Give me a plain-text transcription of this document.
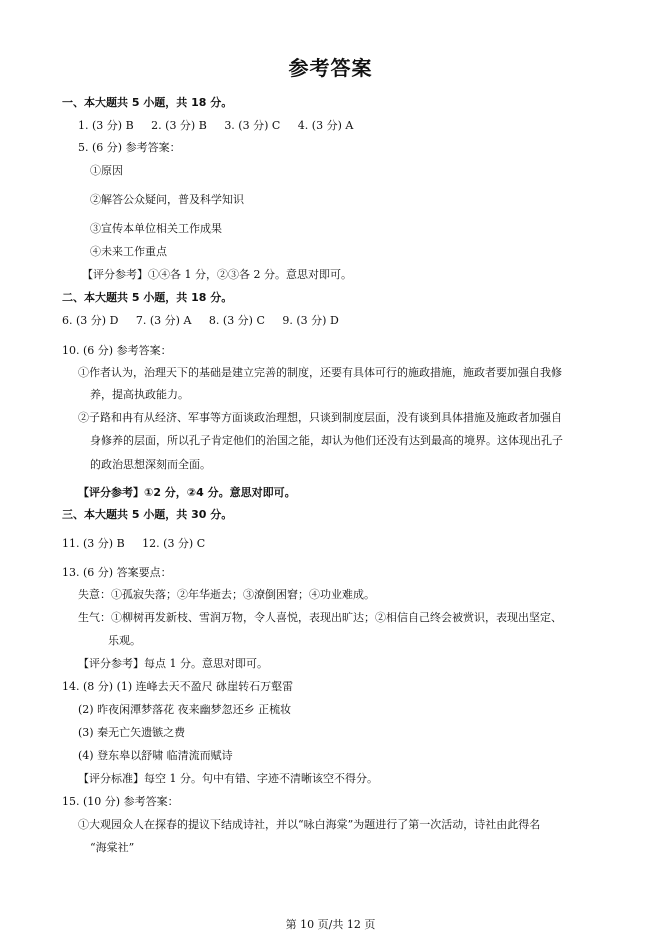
参考答案
一、本大题共 5 小题，共 18 分。
1. (3 分) B 2. (3 分) B 3. (3 分) C 4. (3 分) A
5. (6 分) 参考答案：
①原因
②解答公众疑问，普及科学知识
③宣传本单位相关工作成果
④未来工作重点
【评分参考】①④各 1 分，②③各 2 分。意思对即可。
二、本大题共 5 小题，共 18 分。
6. (3 分) D 7. (3 分) A 8. (3 分) C 9. (3 分) D
10. (6 分) 参考答案：
①作者认为，治理天下的基础是建立完善的制度，还要有具体可行的施政措施，施政者要加强自我修
养，提高执政能力。
②子路和冉有从经济、军事等方面谈政治理想，只谈到制度层面，没有谈到具体措施及施政者加强自
身修养的层面，所以孔子肯定他们的治国之能，却认为他们还没有达到最高的境界。这体现出孔子
的政治思想深刻而全面。
【评分参考】①2 分，②4 分。意思对即可。
三、本大题共 5 小题，共 30 分。
11. (3 分) B 12. (3 分) C
13. (6 分) 答案要点：
失意：①孤寂失落；②年华逝去；③潦倒困窘；④功业难成。
生气：①柳树再发新枝、雪润万物，令人喜悦，表现出旷达；②相信自己终会被赏识，表现出坚定、
乐观。
【评分参考】每点 1 分。意思对即可。
14. (8 分) (1) 连峰去天不盈尺 砯崖转石万壑雷
(2) 昨夜闲潭梦落花 夜来幽梦忽还乡 正梳妆
(3) 秦无亡矢遗镞之费
(4) 登东皋以舒啸 临清流而赋诗
【评分标准】每空 1 分。句中有错、字迹不清晰该空不得分。
15. (10 分) 参考答案：
①大观园众人在探春的提议下结成诗社，并以“咏白海棠”为题进行了第一次活动，诗社由此得名
“海棠社”
第 10 页/共 12 页
